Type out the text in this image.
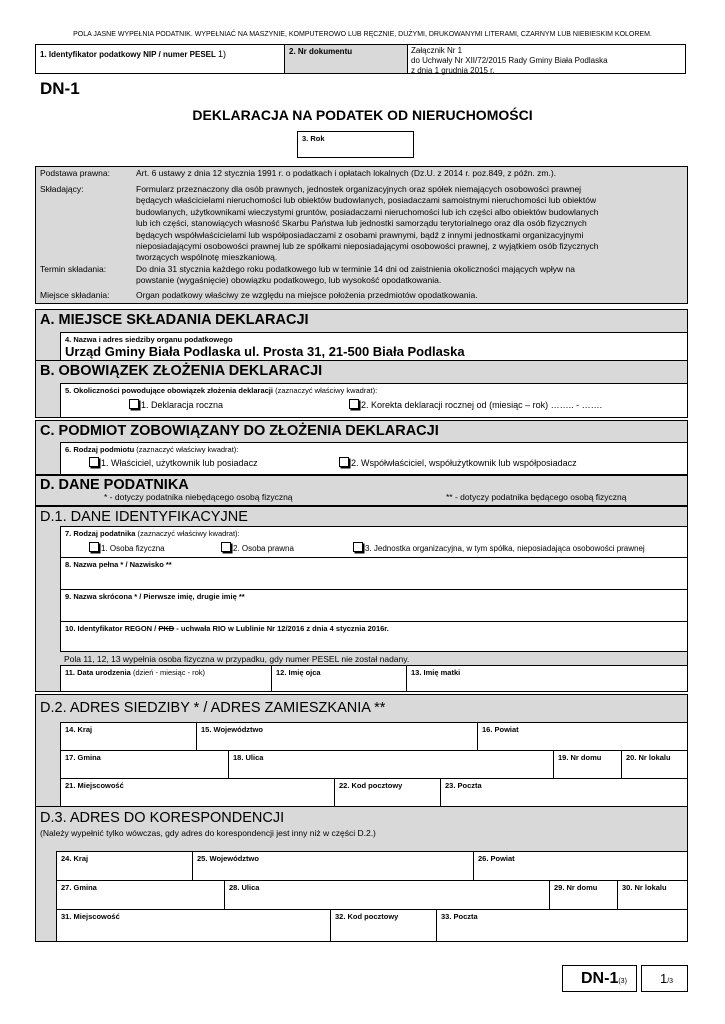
POLA JASNE WYPEŁNIA PODATNIK. WYPEŁNIAĆ NA MASZYNIE, KOMPUTEROWO LUB RĘCZNIE, DUŻYMI, DRUKOWANYMI LITERAMI, CZARNYM LUB NIEBIESKIM KOLOREM.
1. Identyfikator podatkowy NIP / numer PESEL 1)	2. Nr dokumentu	Załącznik Nr 1
do Uchwały Nr XII/72/2015 Rady Gminy Biała Podlaska
z dnia 1 grudnia 2015 r.
DN-1
DEKLARACJA NA PODATEK OD NIERUCHOMOŚCI
3. Rok
Podstawa prawna:	Art. 6 ustawy z dnia 12 stycznia 1991 r. o podatkach i opłatach lokalnych (Dz.U. z 2014 r. poz.849, z późn. zm.).
Składający:	Formularz przeznaczony dla osób prawnych, jednostek organizacyjnych oraz spółek niemających osobowości prawnej
będących właścicielami nieruchomości lub obiektów budowlanych, posiadaczami samoistnymi nieruchomości lub obiektów
budowlanych, użytkownikami wieczystymi gruntów, posiadaczami nieruchomości lub ich części albo obiektów budowlanych
lub ich części, stanowiących własność Skarbu Państwa lub jednostki samorządu terytorialnego oraz dla osób fizycznych
będących współwłaścicielami lub współposiadaczami z osobami prawnymi, bądź z innymi jednostkami organizacyjnymi
nieposiadającymi osobowości prawnej lub ze spółkami nieposiadającymi osobowości prawnej, z wyjątkiem osób fizycznych
tworzących wspólnotę mieszkaniową.
Termin składania:	Do dnia 31 stycznia każdego roku podatkowego lub w terminie 14 dni od zaistnienia okoliczności mających wpływ na
powstanie (wygaśnięcie) obowiązku podatkowego, lub wysokość opodatkowania.
Miejsce składania:	Organ podatkowy właściwy ze względu na miejsce położenia przedmiotów opodatkowania.
A. MIEJSCE SKŁADANIA DEKLARACJI
4. Nazwa i adres siedziby organu podatkowego
Urząd Gminy Biała Podlaska ul. Prosta 31, 21-500 Biała Podlaska
B. OBOWIĄZEK ZŁOŻENIA DEKLARACJI
5. Okoliczności powodujące obowiązek złożenia deklaracji (zaznaczyć właściwy kwadrat):
1. Deklaracja roczna	2. Korekta deklaracji rocznej od (miesiąc – rok) …….. - …….
C. PODMIOT ZOBOWIĄZANY DO ZŁOŻENIA DEKLARACJI
6. Rodzaj podmiotu (zaznaczyć właściwy kwadrat):
1. Właściciel, użytkownik lub posiadacz	2. Współwłaściciel, współużytkownik lub współposiadacz
D. DANE PODATNIKA
* - dotyczy podatnika niebędącego osobą fizyczną	** - dotyczy podatnika będącego osobą fizyczną
D.1. DANE IDENTYFIKACYJNE
7. Rodzaj podatnika (zaznaczyć właściwy kwadrat):
1. Osoba fizyczna	2. Osoba prawna	3. Jednostka organizacyjna, w tym spółka, nieposiadająca osobowości prawnej
8. Nazwa pełna * / Nazwisko **
9. Nazwa skrócona * / Pierwsze imię, drugie imię **
10. Identyfikator REGON / PKD - uchwała RIO w Lublinie Nr 12/2016 z dnia 4 stycznia 2016r.
Pola 11, 12, 13 wypełnia osoba fizyczna w przypadku, gdy numer PESEL nie został nadany.
11. Data urodzenia (dzień - miesiąc - rok)	12. Imię ojca	13. Imię matki
D.2. ADRES SIEDZIBY * / ADRES ZAMIESZKANIA **
14. Kraj	15. Województwo	16. Powiat
17. Gmina	18. Ulica	19. Nr domu	20. Nr lokalu
21. Miejscowość	22. Kod pocztowy	23. Poczta
D.3. ADRES DO KORESPONDENCJI
(Należy wypełnić tylko wówczas, gdy adres do korespondencji jest inny niż w części D.2.)
24. Kraj	25. Województwo	26. Powiat
27. Gmina	28. Ulica	29. Nr domu	30. Nr lokalu
31. Miejscowość	32. Kod pocztowy	33. Poczta
DN-1(3)	1/3
